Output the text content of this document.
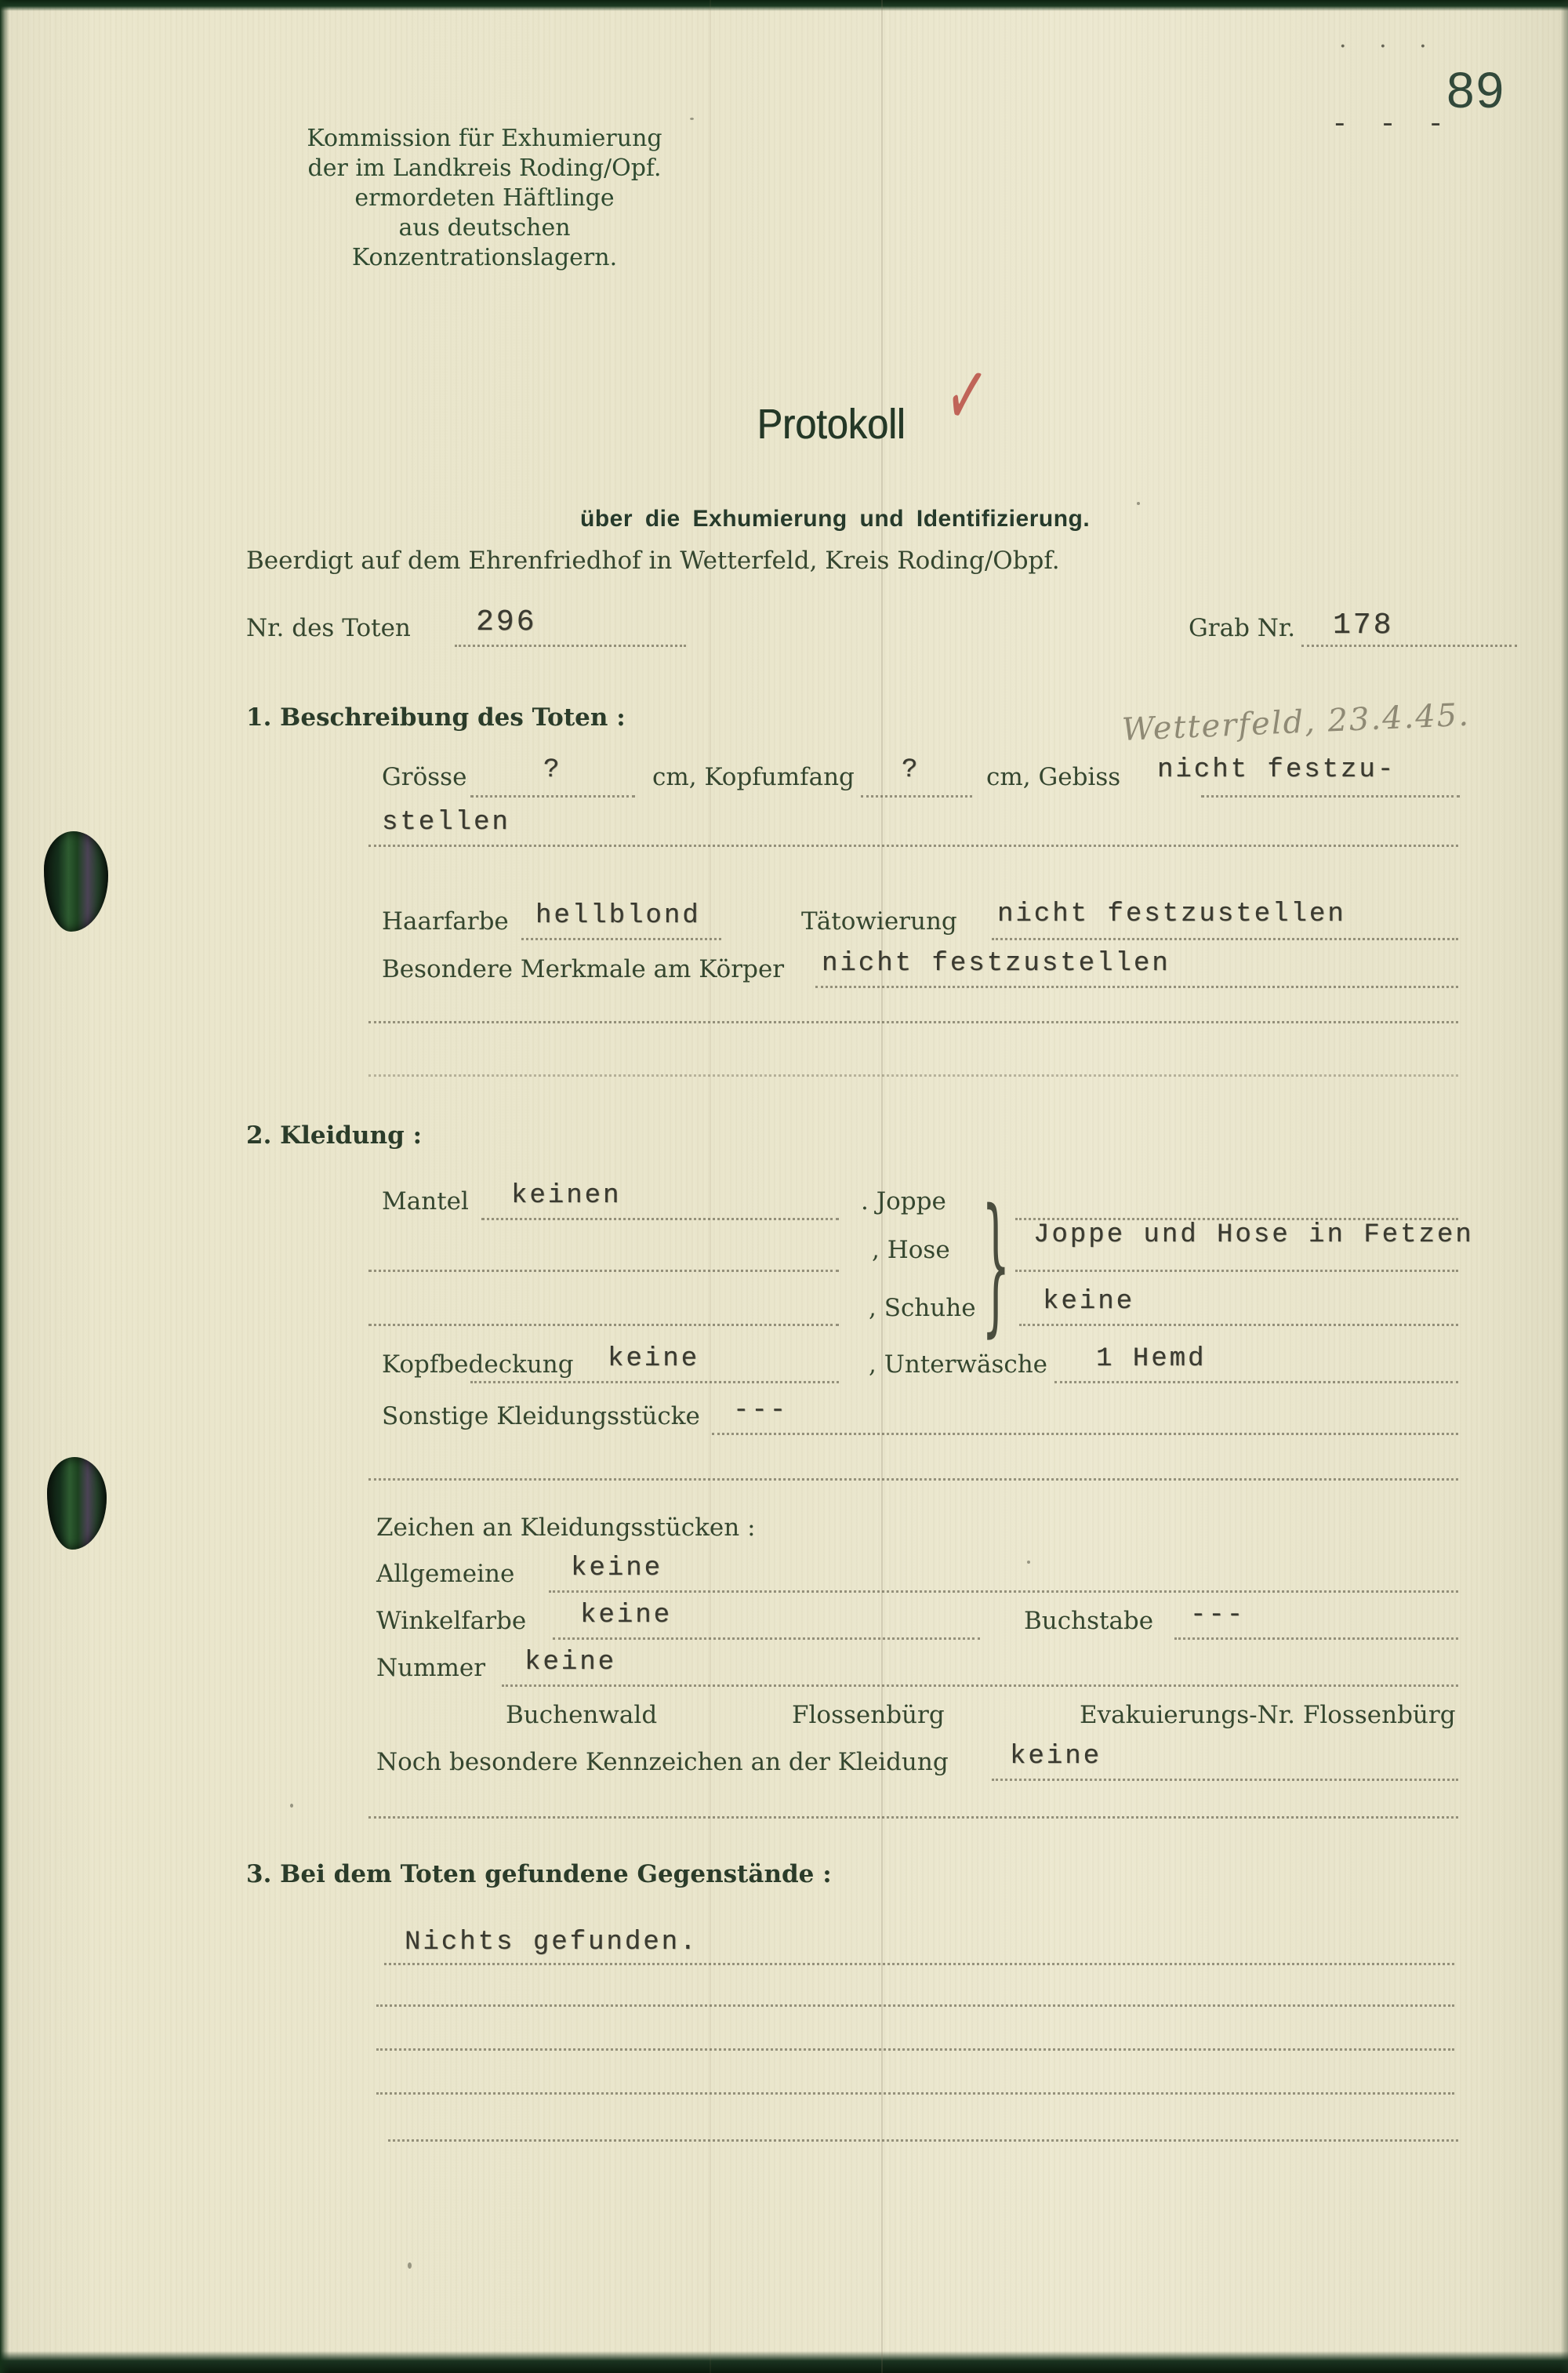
· · ·
- - -
89
Kommission für Exhumierung
der im Landkreis Roding/Opf.
ermordeten Häftlinge
aus deutschen Konzentrationslagern.
Protokoll ✓
über die Exhumierung und Identifizierung.
Beerdigt auf dem Ehrenfriedhof in Wetterfeld, Kreis Roding/Obpf.
Nr. des Toten 296	Grab Nr. 178
1. Beschreibung des Toten :	Wetterfeld, 23.4.45.
Grösse	?	cm, Kopfumfang ?	cm, Gebiss nicht festzu-
stellen
Haarfarbe hellblond	Tätowierung nicht festzustellen
Besondere Merkmale am Körper nicht festzustellen
2. Kleidung :
Mantel keinen	. Joppe } Joppe und Hose in Fetzen
, Hose
, Schuhe	keine
Kopfbedeckung keine	, Unterwäsche 1 Hemd
Sonstige Kleidungsstücke ---
Zeichen an Kleidungsstücken :
Allgemeine keine
Winkelfarbe keine	Buchstabe ---
Nummer keine
Buchenwald	Flossenbürg	Evakuierungs-Nr. Flossenbürg
Noch besondere Kennzeichen an der Kleidung keine
3. Bei dem Toten gefundene Gegenstände :
Nichts gefunden.
